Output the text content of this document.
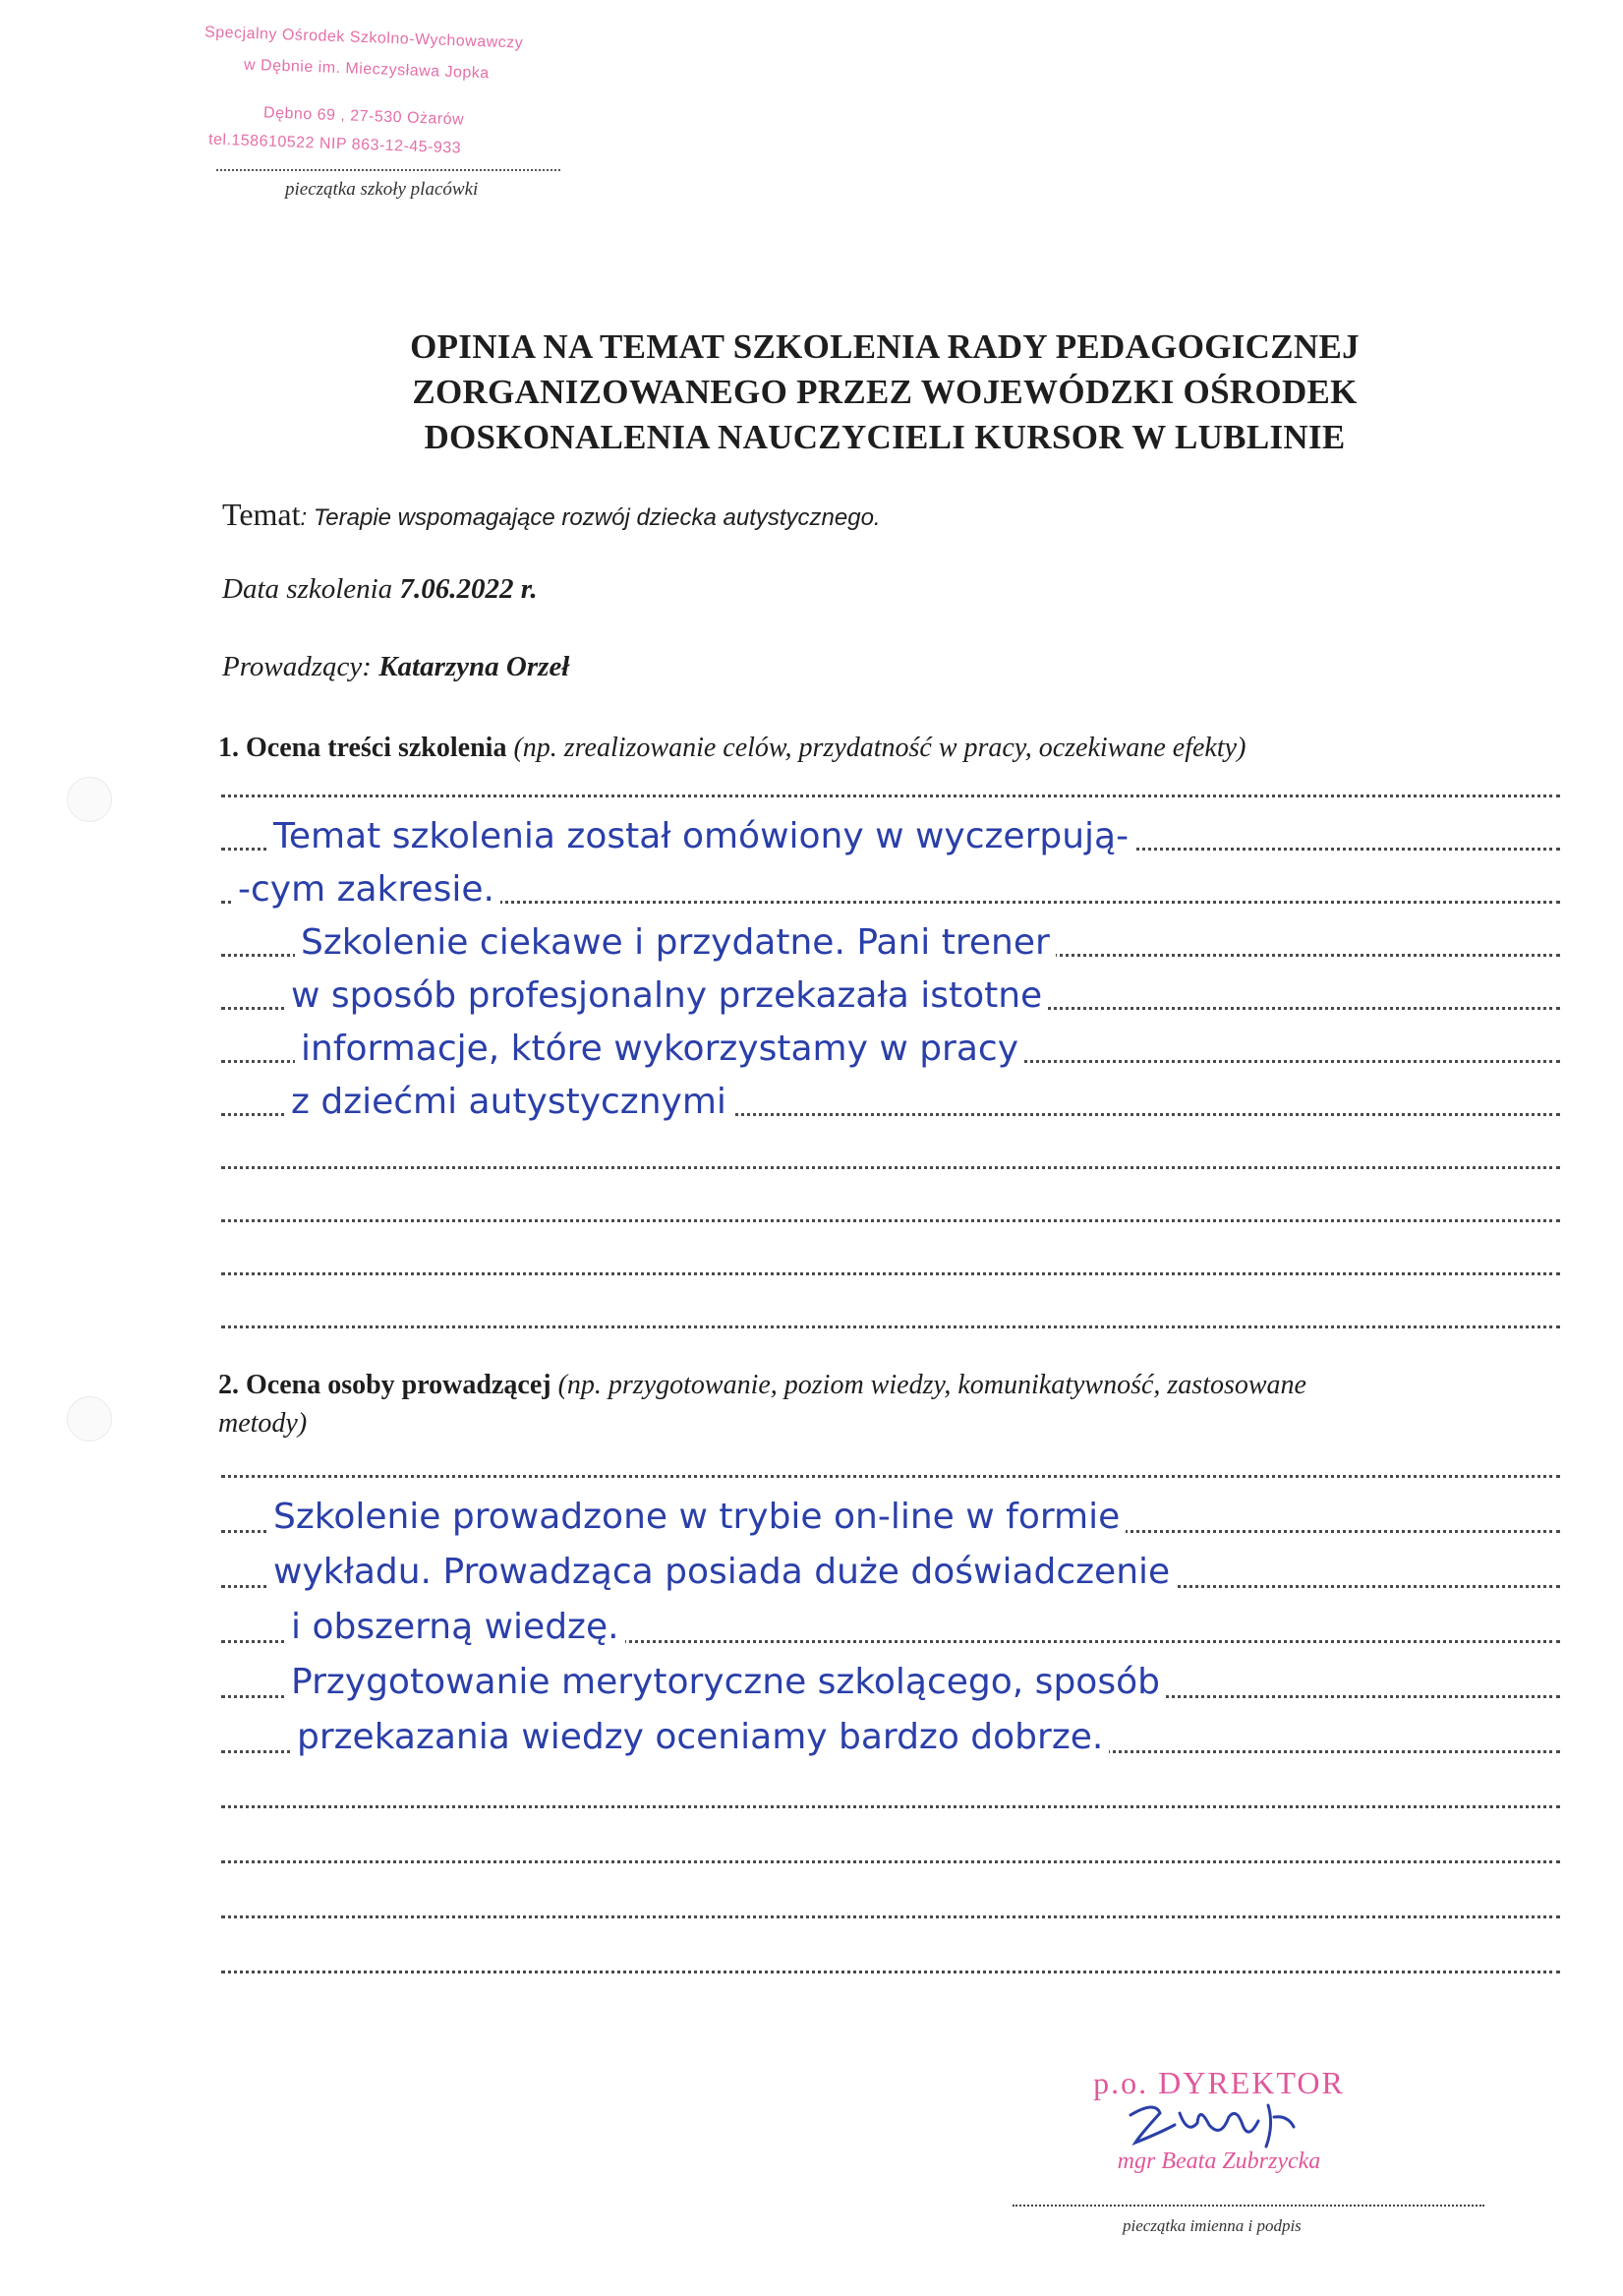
Specjalny Ośrodek Szkolno-Wychowawczy
w Dębnie im. Mieczysława Jopka
Dębno 69 , 27-530 Ożarów
tel.158610522 NIP 863-12-45-933
pieczątka szkoły placówki
OPINIA NA TEMAT SZKOLENIA RADY PEDAGOGICZNEJ
ZORGANIZOWANEGO PRZEZ WOJEWÓDZKI OŚRODEK
DOSKONALENIA NAUCZYCIELI KURSOR W LUBLINIE
Temat: Terapie wspomagające rozwój dziecka autystycznego.
Data szkolenia 7.06.2022 r.
Prowadzący: Katarzyna Orzeł
1. Ocena treści szkolenia (np. zrealizowanie celów, przydatność w pracy, oczekiwane efekty)
Temat szkolenia został omówiony w wyczerpują-
-cym zakresie.
Szkolenie ciekawe i przydatne. Pani trener
w sposób profesjonalny przekazała istotne
informacje, które wykorzystamy w pracy
z dziećmi autystycznymi
2. Ocena osoby prowadzącej (np. przygotowanie, poziom wiedzy, komunikatywność, zastosowane
metody)
Szkolenie prowadzone w trybie on-line w formie
wykładu. Prowadząca posiada duże doświadczenie
i obszerną wiedzę.
Przygotowanie merytoryczne szkolącego, sposób
przekazania wiedzy oceniamy bardzo dobrze.
p.o. DYREKTOR
mgr Beata Zubrzycka
pieczątka imienna i podpis
